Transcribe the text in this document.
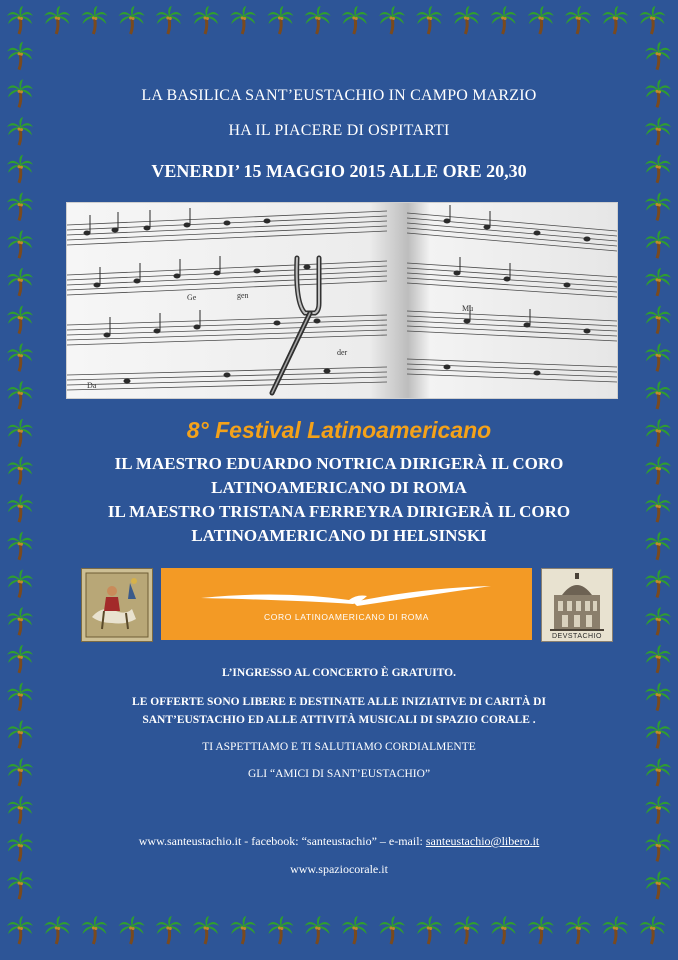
LA BASILICA SANT’EUSTACHIO IN CAMPO MARZIO
HA IL PIACERE DI OSPITARTI
VENERDI’ 15 MAGGIO 2015 ALLE ORE 20,30
Da
gen
Ge
der
Mu
8° Festival Latinoamericano
IL MAESTRO EDUARDO NOTRICA DIRIGERÀ IL CORO
LATINOAMERICANO DI ROMA
IL MAESTRO TRISTANA FERREYRA DIRIGERÀ IL CORO
LATINOAMERICANO DI HELSINSKI
CORO LATINOAMERICANO DI ROMA
DEVSTACHIO
L’INGRESSO AL CONCERTO È GRATUITO.
LE OFFERTE SONO LIBERE E DESTINATE ALLE INIZIATIVE DI CARITÀ DI
SANT’EUSTACHIO ED ALLE ATTIVITÀ MUSICALI DI SPAZIO CORALE .
TI ASPETTIAMO E TI SALUTIAMO CORDIALMENTE
GLI “AMICI DI SANT’EUSTACHIO”
www.santeustachio.it - facebook: “santeustachio” – e-mail: santeustachio@libero.it
www.spaziocorale.it
